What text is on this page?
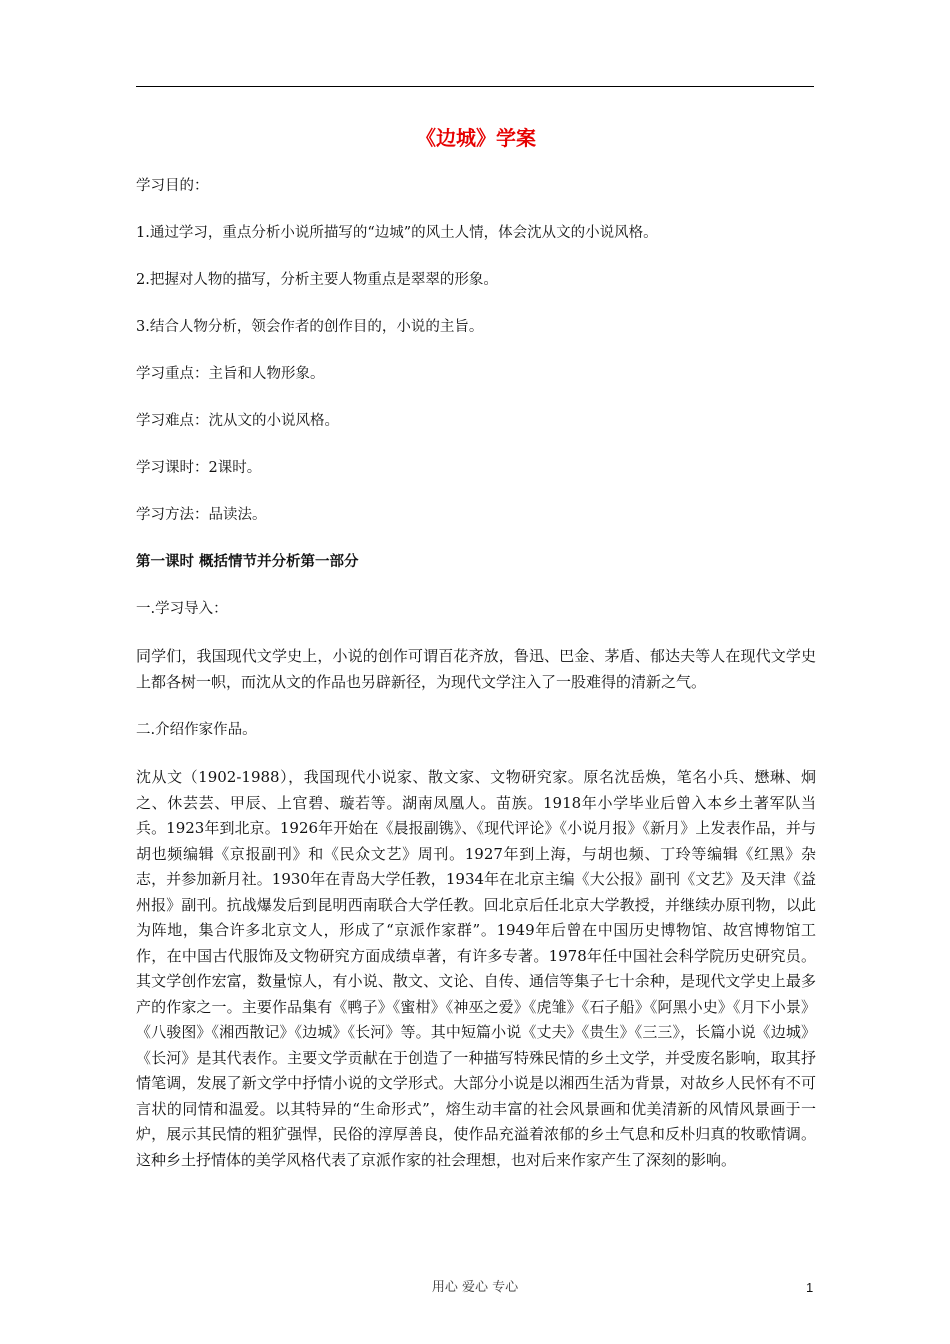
《边城》学案

学习目的：

1.通过学习，重点分析小说所描写的“边城”的风土人情，体会沈从文的小说风格。

2.把握对人物的描写，分析主要人物重点是翠翠的形象。

3.结合人物分析，领会作者的创作目的，小说的主旨。

学习重点：主旨和人物形象。

学习难点：沈从文的小说风格。

学习课时：2课时。

学习方法：品读法。

第一课时 概括情节并分析第一部分

一.学习导入：

同学们，我国现代文学史上，小说的创作可谓百花齐放，鲁迅、巴金、茅盾、郁达夫等人在现代文学史上都各树一帜，而沈从文的作品也另辟新径，为现代文学注入了一股难得的清新之气。

二.介绍作家作品。

沈从文（1902-1988），我国现代小说家、散文家、文物研究家。原名沈岳焕，笔名小兵、懋琳、炯之、休芸芸、甲辰、上官碧、璇若等。湖南凤凰人。苗族。1918年小学毕业后曾入本乡土著军队当兵。1923年到北京。1926年开始在《晨报副镌》、《现代评论》《小说月报》《新月》上发表作品，并与胡也频编辑《京报副刊》和《民众文艺》周刊。1927年到上海，与胡也频、丁玲等编辑《红黑》杂志，并参加新月社。1930年在青岛大学任教，1934年在北京主编《大公报》副刊《文艺》及天津《益州报》副刊。抗战爆发后到昆明西南联合大学任教。回北京后任北京大学教授，并继续办原刊物，以此为阵地，集合许多北京文人，形成了“京派作家群”。1949年后曾在中国历史博物馆、故宫博物馆工作，在中国古代服饰及文物研究方面成绩卓著，有许多专著。1978年任中国社会科学院历史研究员。其文学创作宏富，数量惊人，有小说、散文、文论、自传、通信等集子七十余种，是现代文学史上最多产的作家之一。主要作品集有《鸭子》《蜜柑》《神巫之爱》《虎雏》《石子船》《阿黑小史》《月下小景》《八骏图》《湘西散记》《边城》《长河》等。其中短篇小说《丈夫》《贵生》《三三》，长篇小说《边城》《长河》是其代表作。主要文学贡献在于创造了一种描写特殊民情的乡土文学，并受废名影响，取其抒情笔调，发展了新文学中抒情小说的文学形式。大部分小说是以湘西生活为背景，对故乡人民怀有不可言状的同情和温爱。以其特异的“生命形式”，熔生动丰富的社会风景画和优美清新的风情风景画于一炉，展示其民情的粗犷强悍，民俗的淳厚善良，使作品充溢着浓郁的乡土气息和反朴归真的牧歌情调。这种乡土抒情体的美学风格代表了京派作家的社会理想，也对后来作家产生了深刻的影响。

用心 爱心 专心	1
